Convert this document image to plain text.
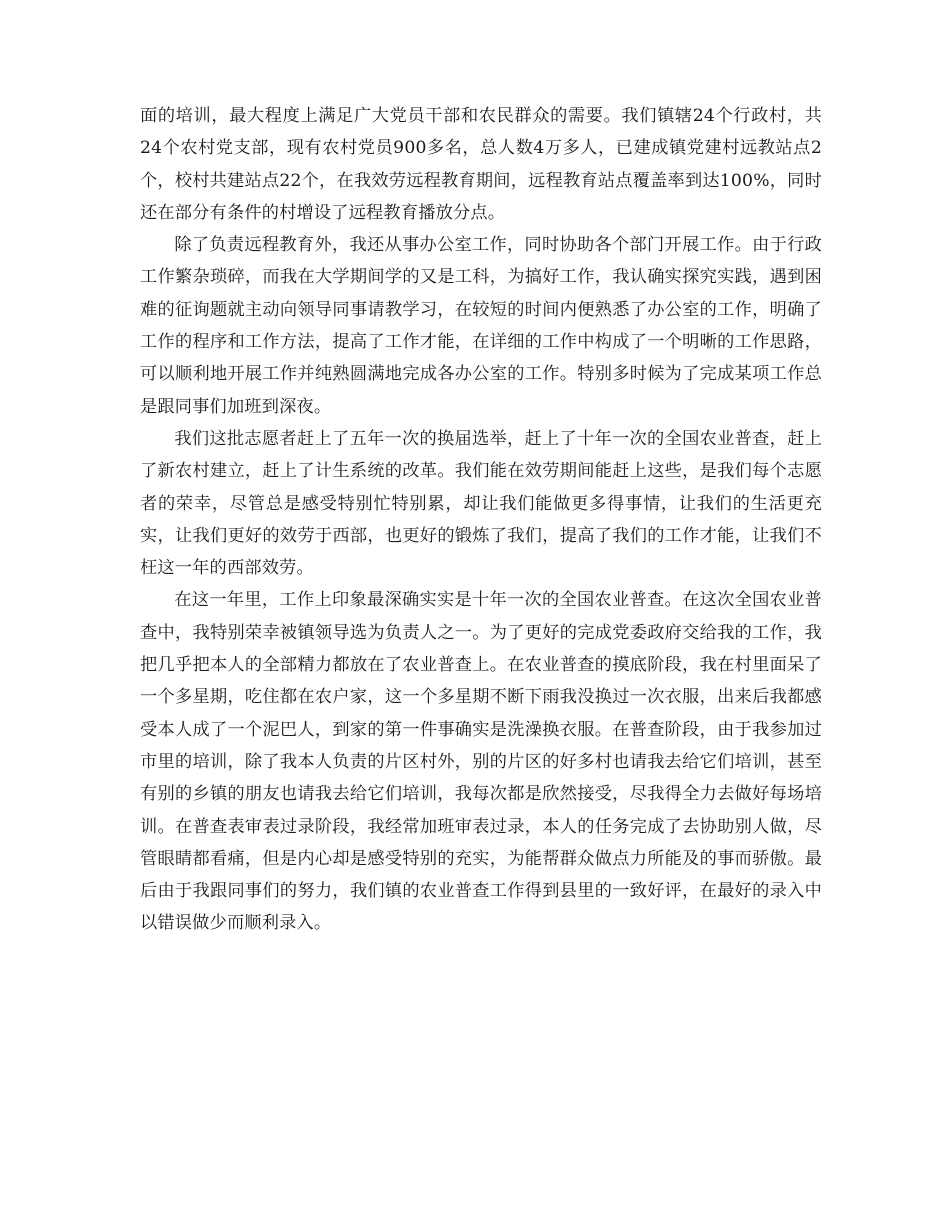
面的培训，最大程度上满足广大党员干部和农民群众的需要。我们镇辖24个行政村，共24个农村党支部，现有农村党员900多名，总人数4万多人，已建成镇党建村远教站点2个，校村共建站点22个，在我效劳远程教育期间，远程教育站点覆盖率到达100%，同时还在部分有条件的村增设了远程教育播放分点。

除了负责远程教育外，我还从事办公室工作，同时协助各个部门开展工作。由于行政工作繁杂琐碎，而我在大学期间学的又是工科，为搞好工作，我认确实探究实践，遇到困难的征询题就主动向领导同事请教学习，在较短的时间内便熟悉了办公室的工作，明确了工作的程序和工作方法，提高了工作才能，在详细的工作中构成了一个明晰的工作思路，可以顺利地开展工作并纯熟圆满地完成各办公室的工作。特别多时候为了完成某项工作总是跟同事们加班到深夜。

我们这批志愿者赶上了五年一次的换届选举，赶上了十年一次的全国农业普查，赶上了新农村建立，赶上了计生系统的改革。我们能在效劳期间能赶上这些，是我们每个志愿者的荣幸，尽管总是感受特别忙特别累，却让我们能做更多得事情，让我们的生活更充实，让我们更好的效劳于西部，也更好的锻炼了我们，提高了我们的工作才能，让我们不枉这一年的西部效劳。

在这一年里，工作上印象最深确实实是十年一次的全国农业普查。在这次全国农业普查中，我特别荣幸被镇领导选为负责人之一。为了更好的完成党委政府交给我的工作，我把几乎把本人的全部精力都放在了农业普查上。在农业普查的摸底阶段，我在村里面呆了一个多星期，吃住都在农户家，这一个多星期不断下雨我没换过一次衣服，出来后我都感受本人成了一个泥巴人，到家的第一件事确实是洗澡换衣服。在普查阶段，由于我参加过市里的培训，除了我本人负责的片区村外，别的片区的好多村也请我去给它们培训，甚至有别的乡镇的朋友也请我去给它们培训，我每次都是欣然接受，尽我得全力去做好每场培训。在普查表审表过录阶段，我经常加班审表过录，本人的任务完成了去协助别人做，尽管眼睛都看痛，但是内心却是感受特别的充实，为能帮群众做点力所能及的事而骄傲。最后由于我跟同事们的努力，我们镇的农业普查工作得到县里的一致好评，在最好的录入中以错误做少而顺利录入。
